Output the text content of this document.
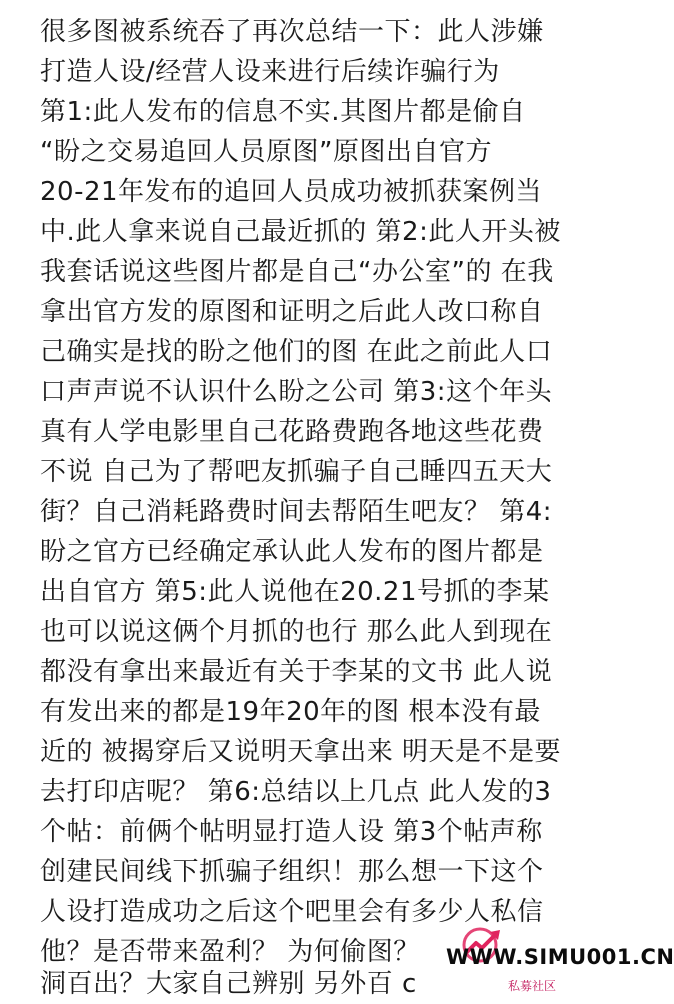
很多图被系统吞了再次总结一下：此人涉嫌
打造人设/经营人设来进行后续诈骗行为
第1:此人发布的信息不实.其图片都是偷自
“盼之交易追回人员原图”原图出自官方
20-21年发布的追回人员成功被抓获案例当
中.此人拿来说自己最近抓的 第2:此人开头被
我套话说这些图片都是自己“办公室”的 在我
拿出官方发的原图和证明之后此人改口称自
己确实是找的盼之他们的图 在此之前此人口
口声声说不认识什么盼之公司 第3:这个年头
真有人学电影里自己花路费跑各地这些花费
不说 自己为了帮吧友抓骗子自己睡四五天大
街？自己消耗路费时间去帮陌生吧友？ 第4:
盼之官方已经确定承认此人发布的图片都是
出自官方 第5:此人说他在20.21号抓的李某
也可以说这俩个月抓的也行 那么此人到现在
都没有拿出来最近有关于李某的文书 此人说
有发出来的都是19年20年的图 根本没有最
近的 被揭穿后又说明天拿出来 明天是不是要
去打印店呢？ 第6:总结以上几点 此人发的3
个帖：前俩个帖明显打造人设 第3个帖声称
创建民间线下抓骗子组织！那么想一下这个
人设打造成功之后这个吧里会有多少人私信
他？是否带来盈利？ 为何偷图？
洞百出？大家自己辨别 另外百 c
WWW.SIMU001.CN
私募社区
